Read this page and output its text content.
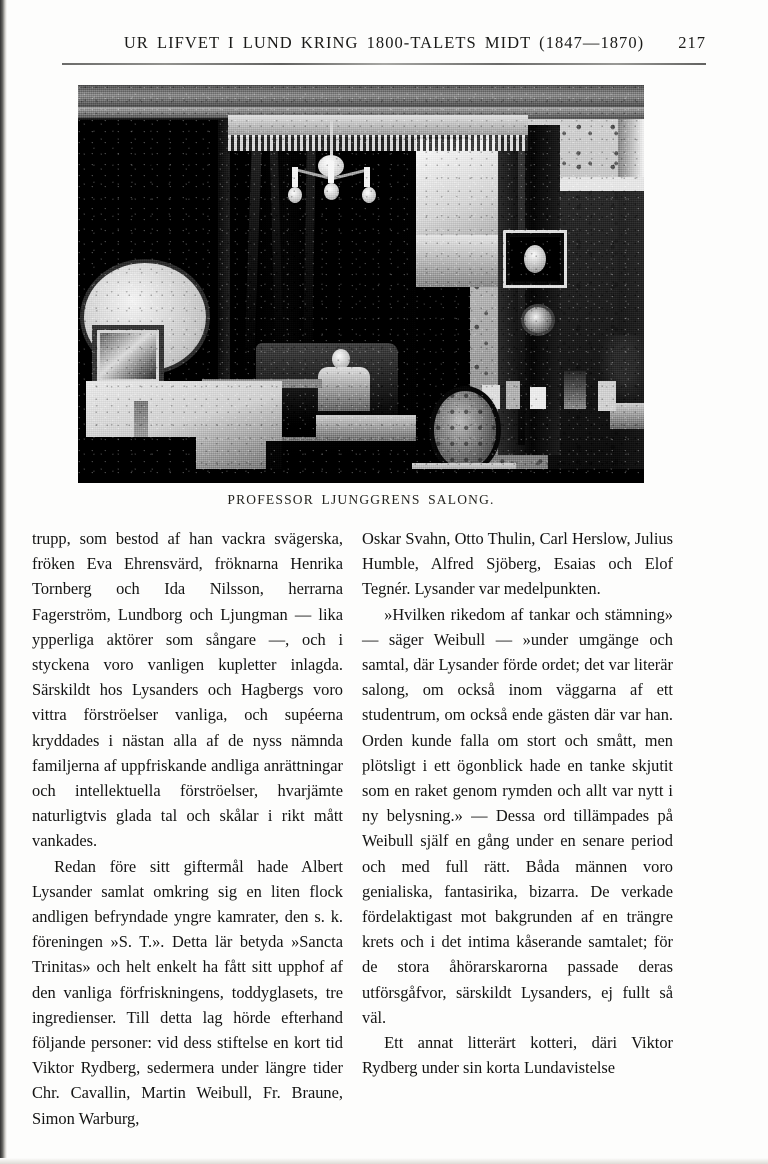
UR LIFVET I LUND KRING 1800-TALETS MIDT (1847—1870) 217
PROFESSOR LJUNGGRENS SALONG.

trupp, som bestod af han vackra svägerska, fröken Eva Ehrensvärd, fröknarna Henrika Tornberg och Ida Nilsson, herrarna Fagerström, Lundborg och Ljungman — lika ypperliga aktörer som sångare —, och i styckena voro vanligen kupletter inlagda. Särskildt hos Lysanders och Hagbergs voro vittra förströelser vanliga, och supéerna kryddades i nästan alla af de nyss nämnda familjerna af uppfriskande andliga anrättningar och intellektuella förströelser, hvarjämte naturligtvis glada tal och skålar i rikt mått vankades.

Redan före sitt giftermål hade Albert Lysander samlat omkring sig en liten flock andligen befryndade yngre kamrater, den s. k. föreningen »S. T.». Detta lär betyda »Sancta Trinitas» och helt enkelt ha fått sitt upphof af den vanliga förfriskningens, toddyglasets, tre ingredienser. Till detta lag hörde efterhand följande personer: vid dess stiftelse en kort tid Viktor Rydberg, sedermera under längre tider Chr. Cavallin, Martin Weibull, Fr. Braune, Simon Warburg,

Oskar Svahn, Otto Thulin, Carl Herslow, Julius Humble, Alfred Sjöberg, Esaias och Elof Tegnér. Lysander var medelpunkten.

»Hvilken rikedom af tankar och stämning» — säger Weibull — »under umgänge och samtal, där Lysander förde ordet; det var literär salong, om också inom väggarna af ett studentrum, om också ende gästen där var han. Orden kunde falla om stort och smått, men plötsligt i ett ögonblick hade en tanke skjutit som en raket genom rymden och allt var nytt i ny belysning.» — Dessa ord tillämpades på Weibull själf en gång under en senare period och med full rätt. Båda männen voro genialiska, fantasirika, bizarra. De verkade fördelaktigast mot bakgrunden af en trängre krets och i det intima kåserande samtalet; för de stora åhörarskarorna passade deras utförsgåfvor, särskildt Lysanders, ej fullt så väl.

Ett annat litterärt kotteri, däri Viktor Rydberg under sin korta Lundavistelse
